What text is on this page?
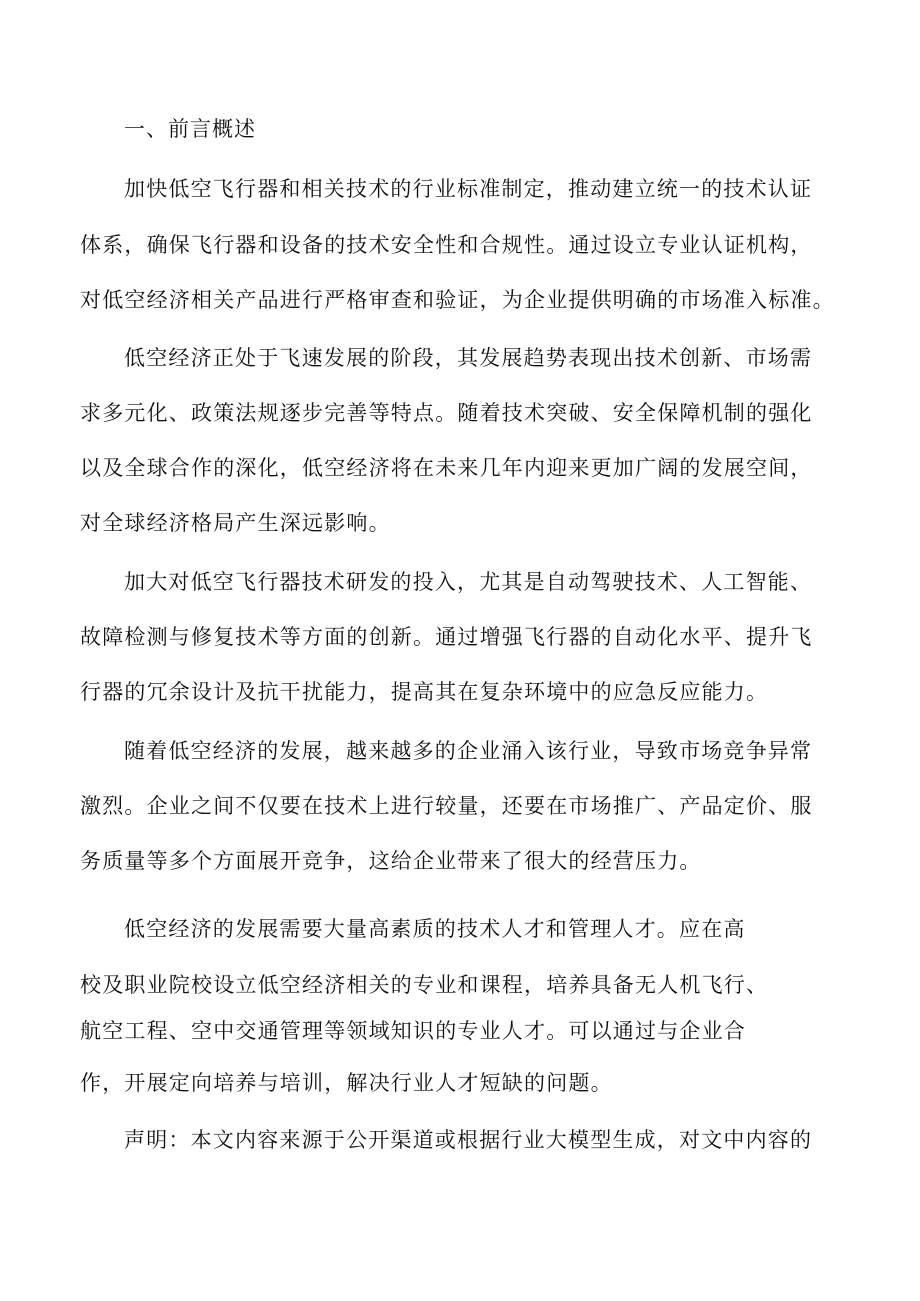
一、前言概述
加快低空飞行器和相关技术的行业标准制定，推动建立统一的技术认证
体系，确保飞行器和设备的技术安全性和合规性。通过设立专业认证机构，
对低空经济相关产品进行严格审查和验证，为企业提供明确的市场准入标准。
低空经济正处于飞速发展的阶段，其发展趋势表现出技术创新、市场需
求多元化、政策法规逐步完善等特点。随着技术突破、安全保障机制的强化
以及全球合作的深化，低空经济将在未来几年内迎来更加广阔的发展空间，
对全球经济格局产生深远影响。
加大对低空飞行器技术研发的投入，尤其是自动驾驶技术、人工智能、
故障检测与修复技术等方面的创新。通过增强飞行器的自动化水平、提升飞
行器的冗余设计及抗干扰能力，提高其在复杂环境中的应急反应能力。
随着低空经济的发展，越来越多的企业涌入该行业，导致市场竞争异常
激烈。企业之间不仅要在技术上进行较量，还要在市场推广、产品定价、服
务质量等多个方面展开竞争，这给企业带来了很大的经营压力。
低空经济的发展需要大量高素质的技术人才和管理人才。应在高
校及职业院校设立低空经济相关的专业和课程，培养具备无人机飞行、
航空工程、空中交通管理等领域知识的专业人才。可以通过与企业合
作，开展定向培养与培训，解决行业人才短缺的问题。
声明：本文内容来源于公开渠道或根据行业大模型生成，对文中内容的
